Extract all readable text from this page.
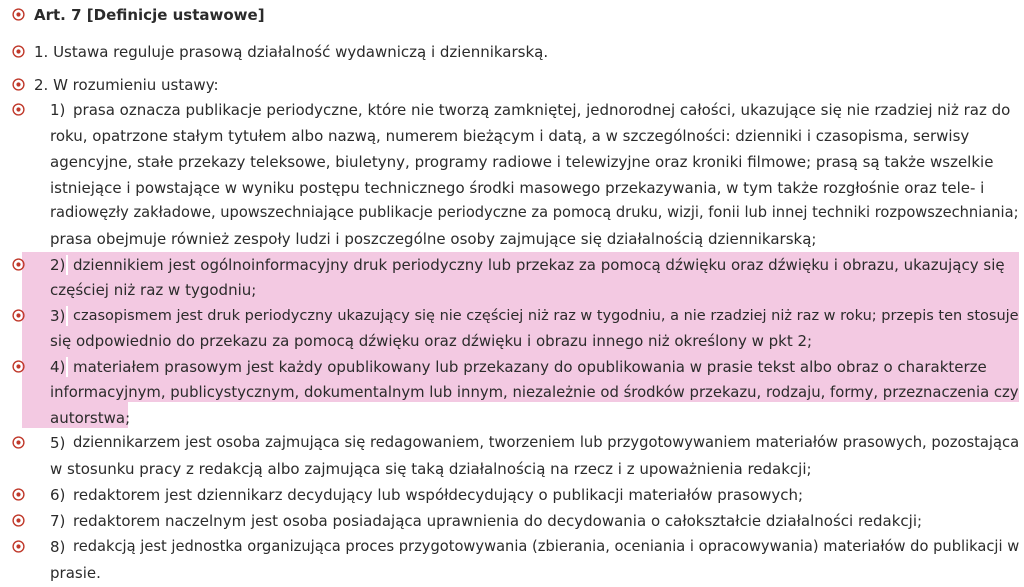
Art. 7 [Definicje ustawowe]
1. Ustawa reguluje prasową działalność wydawniczą i dziennikarską.
2. W rozumieniu ustawy:
1) prasa oznacza publikacje periodyczne, które nie tworzą zamkniętej, jednorodnej całości, ukazujące się nie rzadziej niż raz do
roku, opatrzone stałym tytułem albo nazwą, numerem bieżącym i datą, a w szczególności: dzienniki i czasopisma, serwisy
agencyjne, stałe przekazy teleksowe, biuletyny, programy radiowe i telewizyjne oraz kroniki filmowe; prasą są także wszelkie
istniejące i powstające w wyniku postępu technicznego środki masowego przekazywania, w tym także rozgłośnie oraz tele- i
radiowęzły zakładowe, upowszechniające publikacje periodyczne za pomocą druku, wizji, fonii lub innej techniki rozpowszechniania;
prasa obejmuje również zespoły ludzi i poszczególne osoby zajmujące się działalnością dziennikarską;
2) dziennikiem jest ogólnoinformacyjny druk periodyczny lub przekaz za pomocą dźwięku oraz dźwięku i obrazu, ukazujący się
częściej niż raz w tygodniu;
3) czasopismem jest druk periodyczny ukazujący się nie częściej niż raz w tygodniu, a nie rzadziej niż raz w roku; przepis ten stosuje
się odpowiednio do przekazu za pomocą dźwięku oraz dźwięku i obrazu innego niż określony w pkt 2;
4) materiałem prasowym jest każdy opublikowany lub przekazany do opublikowania w prasie tekst albo obraz o charakterze
informacyjnym, publicystycznym, dokumentalnym lub innym, niezależnie od środków przekazu, rodzaju, formy, przeznaczenia czy
autorstwa;
5) dziennikarzem jest osoba zajmująca się redagowaniem, tworzeniem lub przygotowywaniem materiałów prasowych, pozostająca
w stosunku pracy z redakcją albo zajmująca się taką działalnością na rzecz i z upoważnienia redakcji;
6) redaktorem jest dziennikarz decydujący lub współdecydujący o publikacji materiałów prasowych;
7) redaktorem naczelnym jest osoba posiadająca uprawnienia do decydowania o całokształcie działalności redakcji;
8) redakcją jest jednostka organizująca proces przygotowywania (zbierania, oceniania i opracowywania) materiałów do publikacji w
prasie.
